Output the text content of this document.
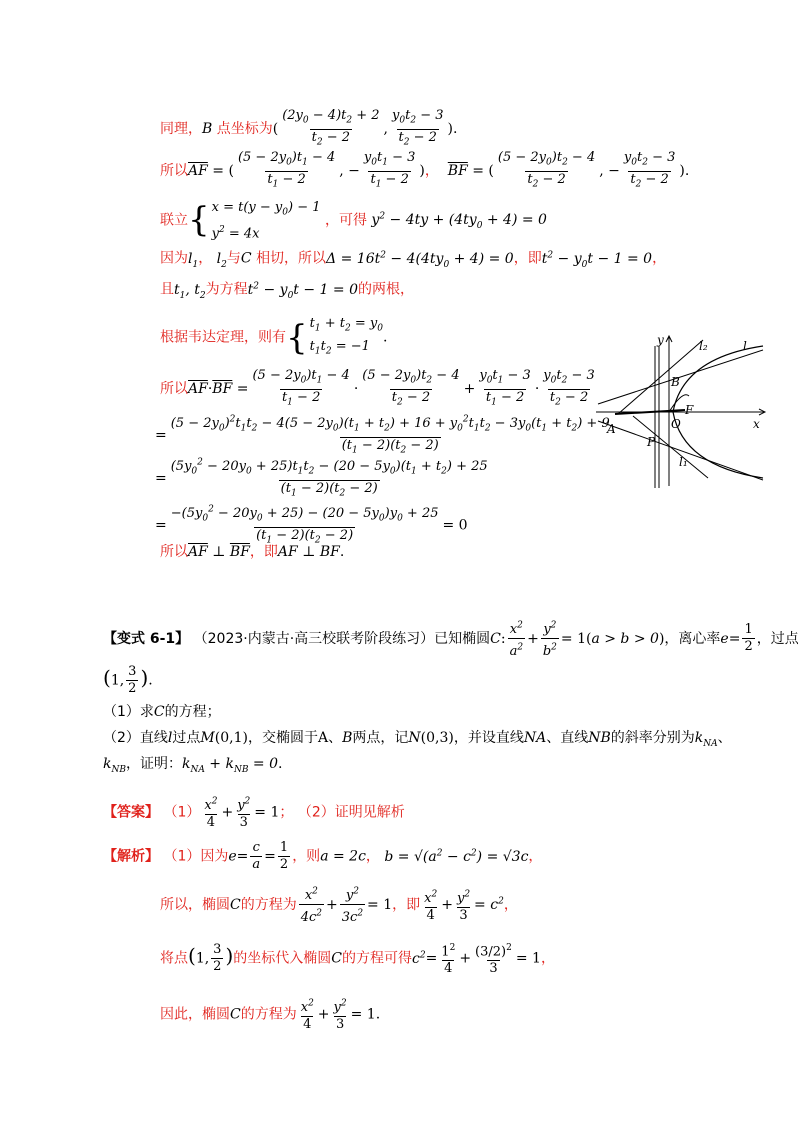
同理，B 点坐标为( $\frac{(2y_0 - 4)t_2 + 2}{t_2 - 2}$ , $\frac{y_0t_2 - 3}{t_2 - 2}$ ).
所以$\overline{AF}$ = ( $\frac{(5 - 2y_0)t_1 - 4}{t_1 - 2}$ , − $\frac{y_0t_1 - 3}{t_1 - 2}$ )，  $\overline{BF}$ = ( $\frac{(5 - 2y_0)t_2 - 4}{t_2 - 2}$ , − $\frac{y_0t_2 - 3}{t_2 - 2}$ ).
联立 { $x = t(y - y_0) - 1$
$y^2 = 4x$
，可得 $y^2 - 4ty + (4ty_0 + 4) = 0$
因为$l_1$， $l_2$与C 相切，所以$\Delta = 16t^2 - 4(4ty_0 + 4) = 0$，即$t^2 - y_0t - 1 = 0$，
且$t_1$, $t_2$为方程$t^2 - y_0t - 1 = 0$的两根，
根据韦达定理，则有 { $t_1 + t_2 = y_0$
$t_1t_2 = -1$
.
所以$\overline{AF}\cdot\overline{BF} = \frac{(5 - 2y_0)t_1 - 4}{t_1 - 2} \cdot \frac{(5 - 2y_0)t_2 - 4}{t_2 - 2} + \frac{y_0t_1 - 3}{t_1 - 2} \cdot \frac{y_0t_2 - 3}{t_2 - 2}$
=
$(5 - 2y_0)^2t_1t_2 - 4(5 - 2y_0)(t_1 + t_2) + 16 + y_0^2t_1t_2 - 3y_0(t_1 + t_2) + 9$
$(t_1 - 2)(t_2 - 2)$
= $\frac{(5y_0^2 - 20y_0 + 25)t_1t_2 - (20 - 5y_0)(t_1 + t_2) + 25}{(t_1 - 2)(t_2 - 2)}$
= $\frac{-(5y_0^2 - 20y_0 + 25) - (20 - 5y_0)y_0 + 25}{(t_1 - 2)(t_2 - 2)} = 0$
所以$\overline{AF}$ ⊥ $\overline{BF}$，即AF ⊥ BF.
y	l₂	l
B
F
A	O	x
P
l₁
【变式 6-1】 （2023·内蒙古·高三校联考阶段练习）已知椭圆C: $\frac{x^2}{a^2} + \frac{y^2}{b^2} = 1(a > b > 0)$，离心率$e= \frac{1}{2}$ ，过点
(1, $\frac{3}{2}$ ).
（1）求C的方程；
（2）直线l过点M(0,1)，交椭圆于A、B两点，记N(0,3)，并设直线NA、直线NB的斜率分别为$k_{NA}$、
$k_{NB}$，证明：$k_{NA} + k_{NB} = 0$.
【答案】 $(1) \frac{x^2}{4} + \frac{y^2}{3} = 1$； （2）证明见解析
【解析】 （1）因为$e= \frac{c}{a} = \frac{1}{2}$ ，则a = 2c， $b = √(a^2 - c^2) = √3c$，
所以，椭圆C的方程为 $\frac{x^2}{4c^2} + \frac{y^2}{3c^2} = 1$，即 $\frac{x^2}{4} + \frac{y^2}{3} = c^2$，
将点(1, $\frac{3}{2}$ )的坐标代入椭圆C的方程可得$c^2= \frac{1^2}{4} + \frac{(3/2)^2}{3} = 1$，
因此，椭圆C的方程为 $\frac{x^2}{4} + \frac{y^2}{3} = 1$.
